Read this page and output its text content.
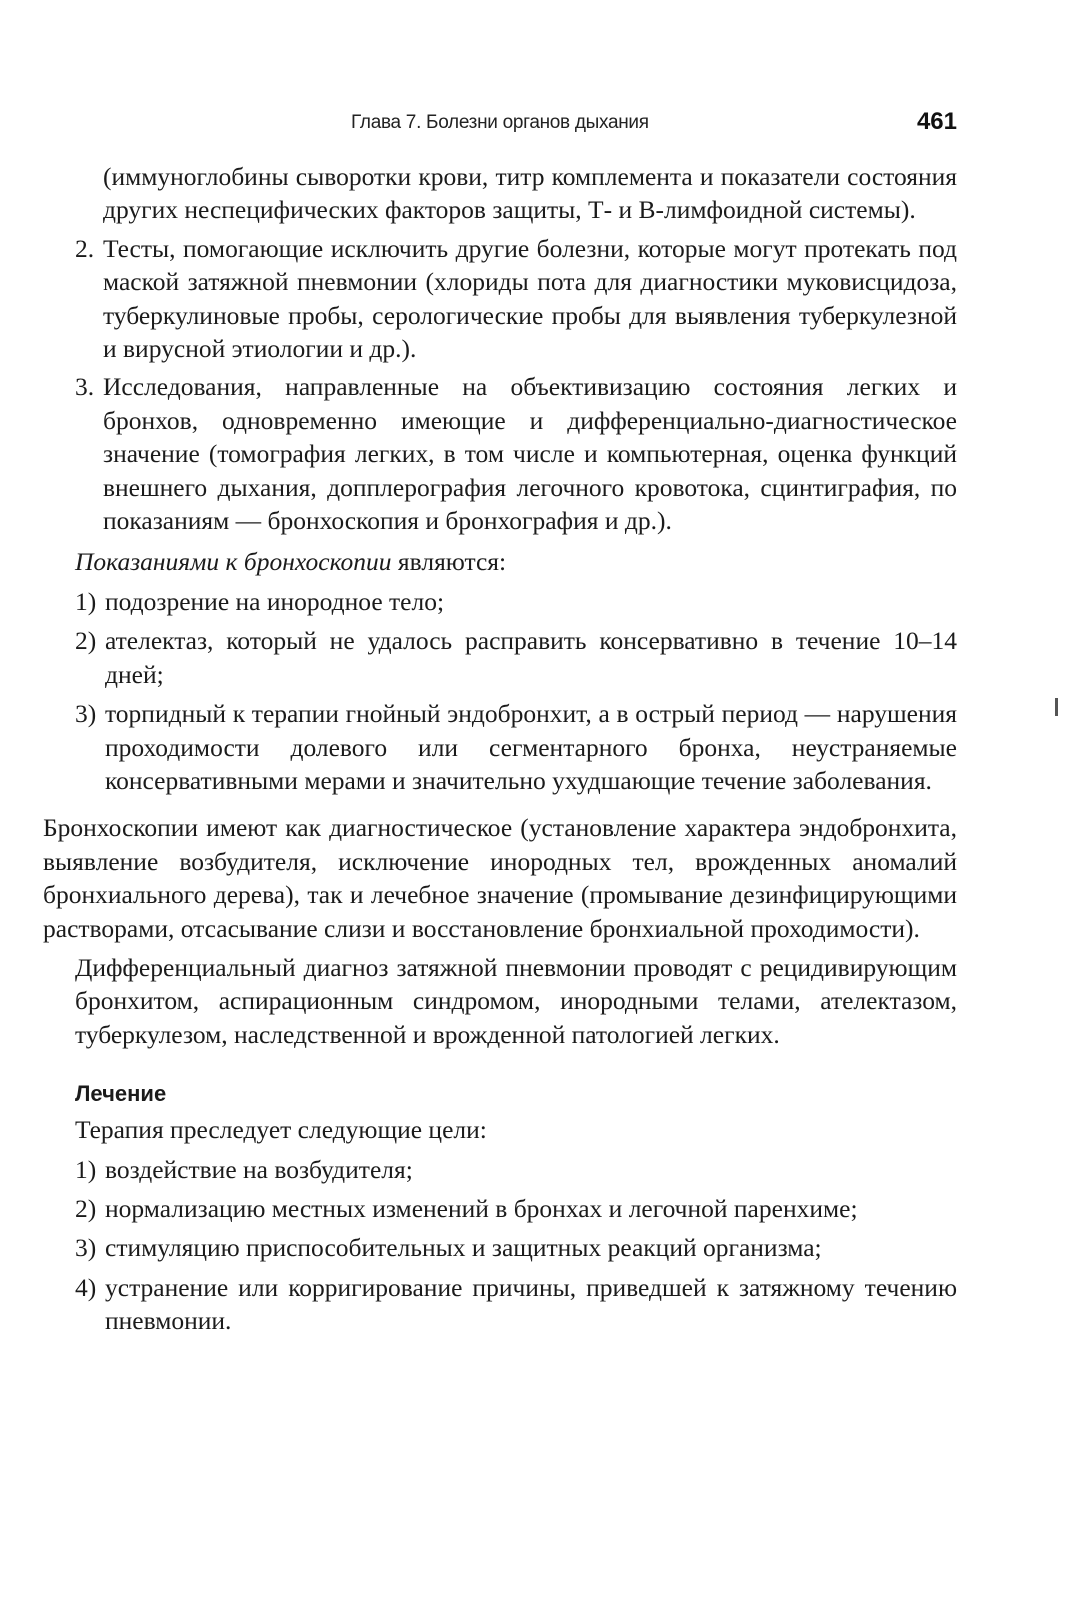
Глава 7. Болезни органов дыхания	461

(иммуноглобины сыворотки крови, титр комплемента и показатели состояния других неспецифических факторов защиты, Т- и В-лимфоидной системы).

2. Тесты, помогающие исключить другие болезни, которые могут протекать под маской затяжной пневмонии (хлориды пота для диагностики муковисцидоза, туберкулиновые пробы, серологические пробы для выявления туберкулезной и вирусной этиологии и др.).
3. Исследования, направленные на объективизацию состояния легких и бронхов, одновременно имеющие и дифференциально-диагностическое значение (томография легких, в том числе и компьютерная, оценка функций внешнего дыхания, допплерография легочного кровотока, сцинтиграфия, по показаниям — бронхоскопия и бронхография и др.).

Показаниями к бронхоскопии являются:

1) подозрение на инородное тело;
2) ателектаз, который не удалось расправить консервативно в течение 10–14 дней;
3) торпидный к терапии гнойный эндобронхит, а в острый период — нарушения проходимости долевого или сегментарного бронха, неустраняемые консервативными мерами и значительно ухудшающие течение заболевания.

Бронхоскопии имеют как диагностическое (установление характера эндобронхита, выявление возбудителя, исключение инородных тел, врожденных аномалий бронхиального дерева), так и лечебное значение (промывание дезинфицирующими растворами, отсасывание слизи и восстановление бронхиальной проходимости).

Дифференциальный диагноз затяжной пневмонии проводят с рецидивирующим бронхитом, аспирационным синдромом, инородными телами, ателектазом, туберкулезом, наследственной и врожденной патологией легких.

Лечение

Терапия преследует следующие цели:

1) воздействие на возбудителя;
2) нормализацию местных изменений в бронхах и легочной паренхиме;
3) стимуляцию приспособительных и защитных реакций организма;
4) устранение или корригирование причины, приведшей к затяжному течению пневмонии.
